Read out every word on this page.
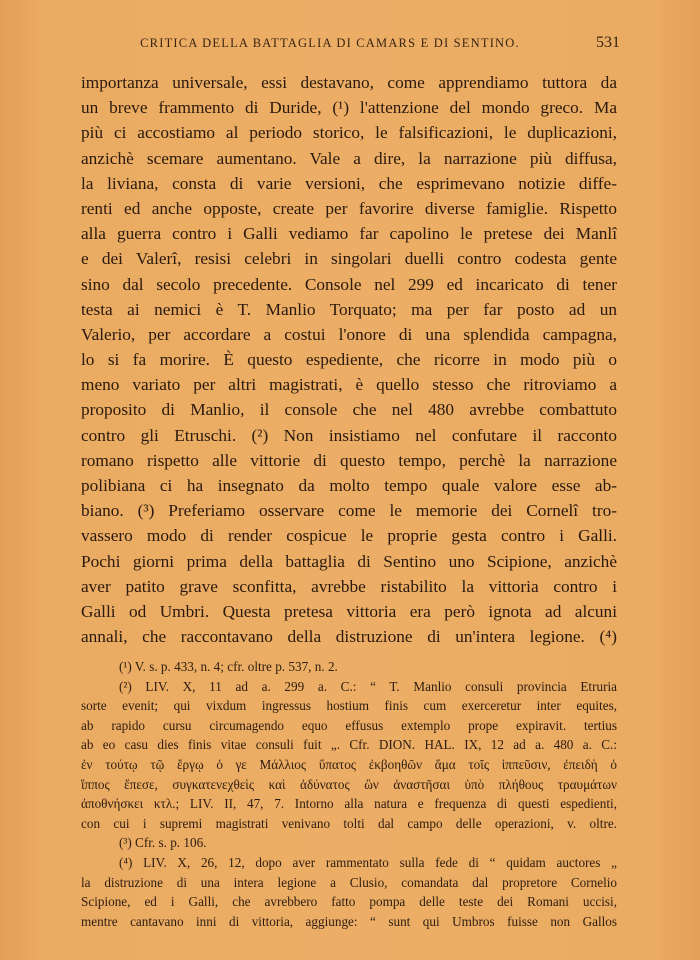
CRITICA DELLA BATTAGLIA DI CAMARS E DI SENTINO.	531
importanza universale, essi destavano, come apprendiamo tuttora da
un breve frammento di Duride, (¹) l'attenzione del mondo greco. Ma
più ci accostiamo al periodo storico, le falsificazioni, le duplicazioni,
anzichè scemare aumentano. Vale a dire, la narrazione più diffusa,
la liviana, consta di varie versioni, che esprimevano notizie diffe-
renti ed anche opposte, create per favorire diverse famiglie. Rispetto
alla guerra contro i Galli vediamo far capolino le pretese dei Manlî
e dei Valerî, resisi celebri in singolari duelli contro codesta gente
sino dal secolo precedente. Console nel 299 ed incaricato di tener
testa ai nemici è T. Manlio Torquato; ma per far posto ad un
Valerio, per accordare a costui l'onore di una splendida campagna,
lo si fa morire. È questo espediente, che ricorre in modo più o
meno variato per altri magistrati, è quello stesso che ritroviamo a
proposito di Manlio, il console che nel 480 avrebbe combattuto
contro gli Etruschi. (²) Non insistiamo nel confutare il racconto
romano rispetto alle vittorie di questo tempo, perchè la narrazione
polibiana ci ha insegnato da molto tempo quale valore esse ab-
biano. (³) Preferiamo osservare come le memorie dei Cornelî tro-
vassero modo di render cospicue le proprie gesta contro i Galli.
Pochi giorni prima della battaglia di Sentino uno Scipione, anzichè
aver patito grave sconfitta, avrebbe ristabilito la vittoria contro i
Galli od Umbri. Questa pretesa vittoria era però ignota ad alcuni
annali, che raccontavano della distruzione di un'intera legione. (⁴)
(¹) V. s. p. 433, n. 4; cfr. oltre p. 537, n. 2.
(²) LIV. X, 11 ad a. 299 a. C.: “ T. Manlio consuli provincia Etruria
sorte evenit; qui vixdum ingressus hostium finis cum exerceretur inter equites,
ab rapido cursu circumagendo equo effusus extemplo prope expiravit. tertius
ab eo casu dies finis vitae consuli fuit „. Cfr. DION. HAL. IX, 12 ad a. 480 a. C.:
ἐν τούτῳ τῷ ἔργῳ ὁ γε Μάλλιος ὕπατος ἐκβοηθῶν ἅμα τοῖς ἱππεῦσιν, ἐπειδὴ ὁ
ἵππος ἔπεσε, συγκατενεχθεὶς καὶ ἀδύνατος ὢν ἀναστῆσαι ὑπὸ πλήθους τραυμάτων
ἀποθνήσκει κτλ.; LIV. II, 47, 7. Intorno alla natura e frequenza di questi espedienti,
con cui i supremi magistrati venivano tolti dal campo delle operazioni, v. oltre.
(³) Cfr. s. p. 106.
(⁴) LIV. X, 26, 12, dopo aver rammentato sulla fede di “ quidam auctores „
la distruzione di una intera legione a Clusio, comandata dal propretore Cornelio
Scipione, ed i Galli, che avrebbero fatto pompa delle teste dei Romani uccisi,
mentre cantavano inni di vittoria, aggiunge: “ sunt qui Umbros fuisse non Gallos
